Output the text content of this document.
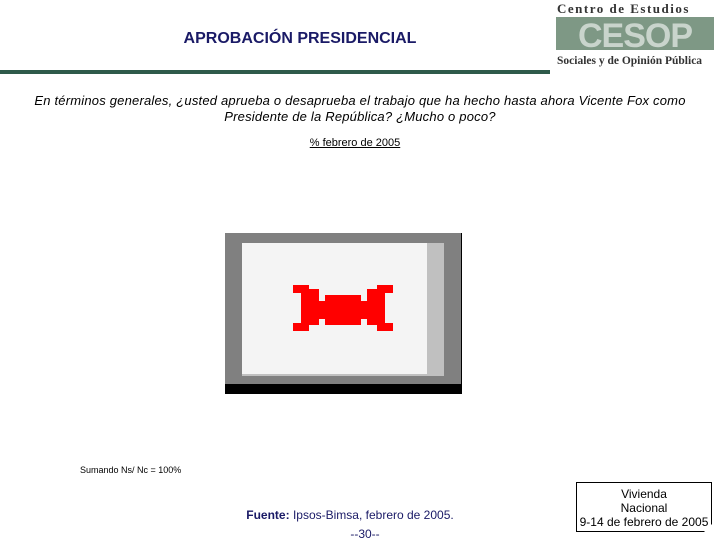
APROBACIÓN PRESIDENCIAL
Centro de Estudios
CESOP
Sociales y de Opinión Pública
En términos generales, ¿usted aprueba o desaprueba el trabajo que ha hecho hasta ahora Vicente Fox como Presidente de la República? ¿Mucho o poco?
% febrero de 2005
Sumando Ns/ Nc = 100%
Fuente: Ipsos-Bimsa, febrero de 2005.
--30--
Vivienda
Nacional
9-14 de febrero de 2005
